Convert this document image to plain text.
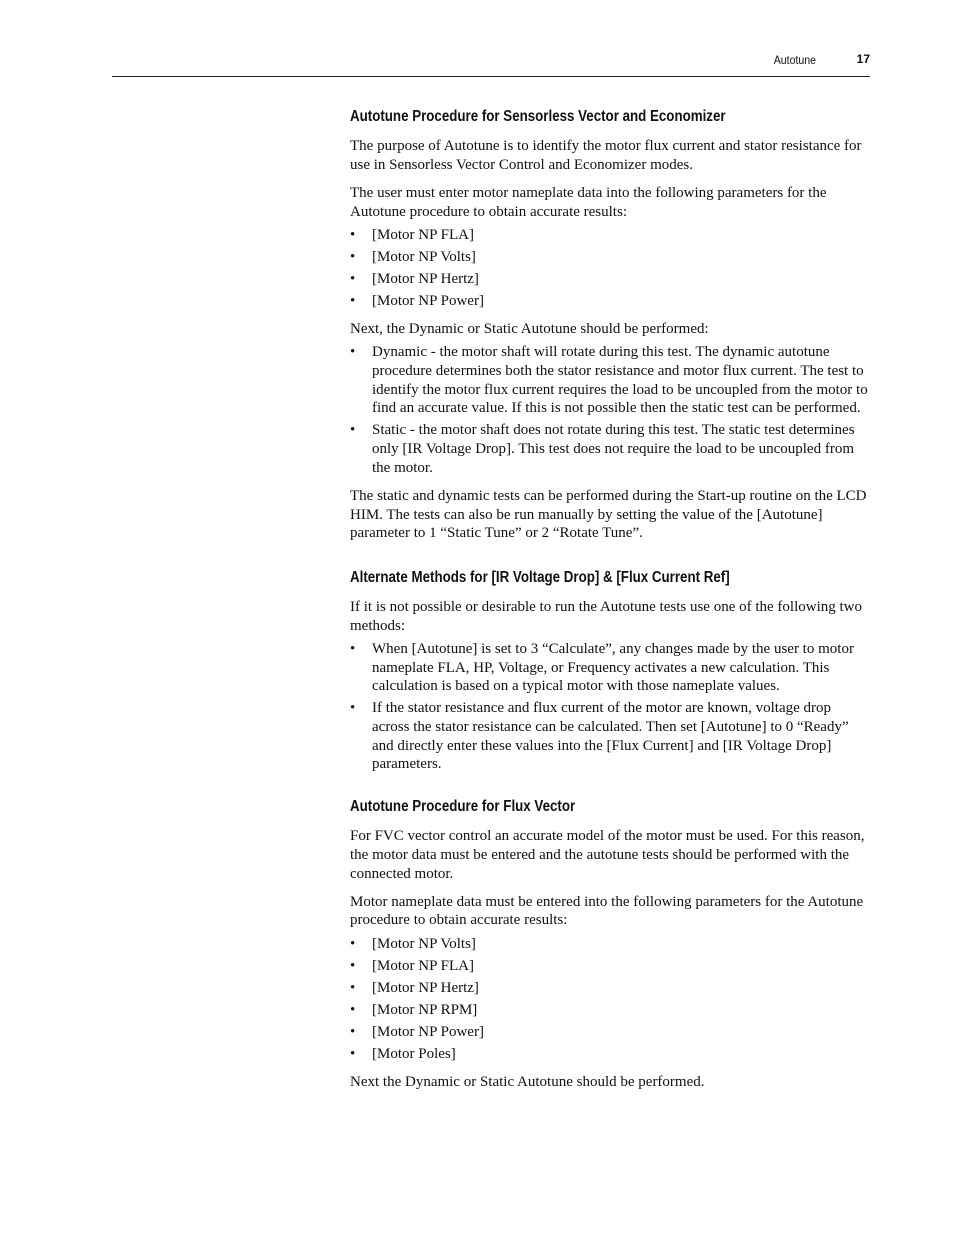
Autotune	17
Autotune Procedure for Sensorless Vector and Economizer

The purpose of Autotune is to identify the motor flux current and stator resistance for use in Sensorless Vector Control and Economizer modes.

The user must enter motor nameplate data into the following parameters for the Autotune procedure to obtain accurate results:

• [Motor NP FLA]
• [Motor NP Volts]
• [Motor NP Hertz]
• [Motor NP Power]

Next, the Dynamic or Static Autotune should be performed:

• Dynamic - the motor shaft will rotate during this test. The dynamic autotune procedure determines both the stator resistance and motor flux current. The test to identify the motor flux current requires the load to be uncoupled from the motor to find an accurate value. If this is not possible then the static test can be performed.
• Static - the motor shaft does not rotate during this test. The static test determines only [IR Voltage Drop]. This test does not require the load to be uncoupled from the motor.

The static and dynamic tests can be performed during the Start-up routine on the LCD HIM. The tests can also be run manually by setting the value of the [Autotune] parameter to 1 “Static Tune” or 2 “Rotate Tune”.

Alternate Methods for [IR Voltage Drop] & [Flux Current Ref]

If it is not possible or desirable to run the Autotune tests use one of the following two methods:

• When [Autotune] is set to 3 “Calculate”, any changes made by the user to motor nameplate FLA, HP, Voltage, or Frequency activates a new calculation. This calculation is based on a typical motor with those nameplate values.
• If the stator resistance and flux current of the motor are known, voltage drop across the stator resistance can be calculated. Then set [Autotune] to 0 “Ready” and directly enter these values into the [Flux Current] and [IR Voltage Drop] parameters.
Autotune Procedure for Flux Vector

For FVC vector control an accurate model of the motor must be used. For this reason, the motor data must be entered and the autotune tests should be performed with the connected motor.

Motor nameplate data must be entered into the following parameters for the Autotune procedure to obtain accurate results:

• [Motor NP Volts]
• [Motor NP FLA]
• [Motor NP Hertz]
• [Motor NP RPM]
• [Motor NP Power]
• [Motor Poles]

Next the Dynamic or Static Autotune should be performed.
